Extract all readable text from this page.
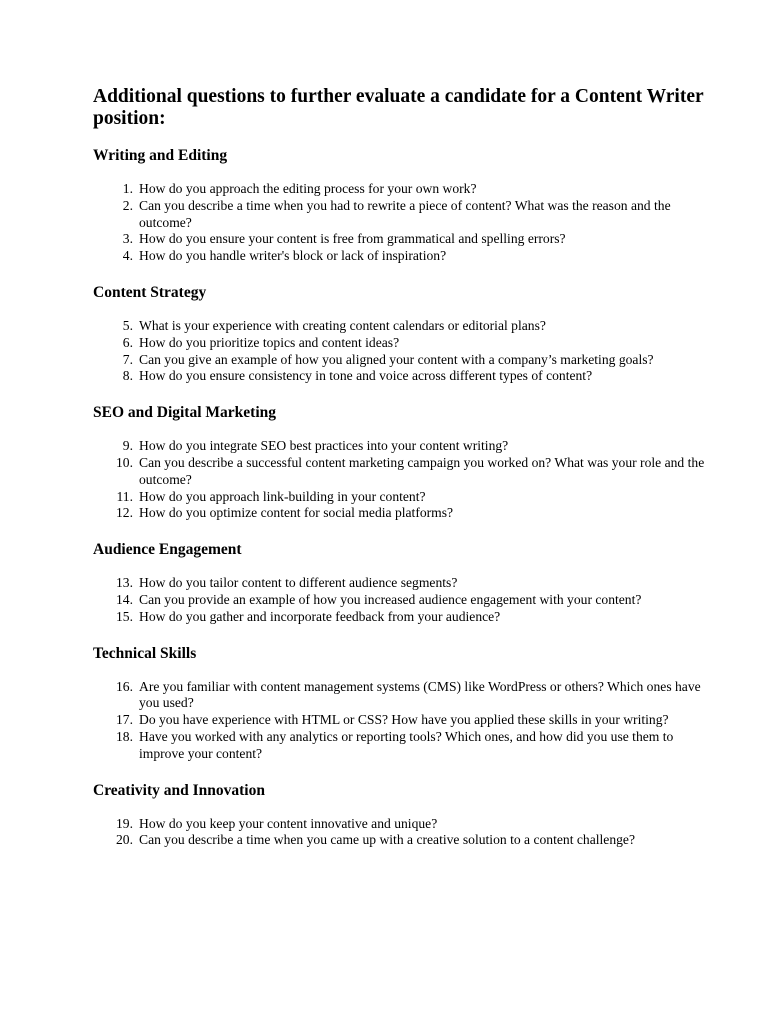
Additional questions to further evaluate a candidate for a Content Writer position:
Writing and Editing
1. How do you approach the editing process for your own work?
2. Can you describe a time when you had to rewrite a piece of content? What was the reason and the outcome?
3. How do you ensure your content is free from grammatical and spelling errors?
4. How do you handle writer's block or lack of inspiration?
Content Strategy
5. What is your experience with creating content calendars or editorial plans?
6. How do you prioritize topics and content ideas?
7. Can you give an example of how you aligned your content with a company’s marketing goals?
8. How do you ensure consistency in tone and voice across different types of content?
SEO and Digital Marketing
9. How do you integrate SEO best practices into your content writing?
10. Can you describe a successful content marketing campaign you worked on? What was your role and the outcome?
11. How do you approach link-building in your content?
12. How do you optimize content for social media platforms?
Audience Engagement
13. How do you tailor content to different audience segments?
14. Can you provide an example of how you increased audience engagement with your content?
15. How do you gather and incorporate feedback from your audience?
Technical Skills
16. Are you familiar with content management systems (CMS) like WordPress or others? Which ones have you used?
17. Do you have experience with HTML or CSS? How have you applied these skills in your writing?
18. Have you worked with any analytics or reporting tools? Which ones, and how did you use them to improve your content?
Creativity and Innovation
19. How do you keep your content innovative and unique?
20. Can you describe a time when you came up with a creative solution to a content challenge?
